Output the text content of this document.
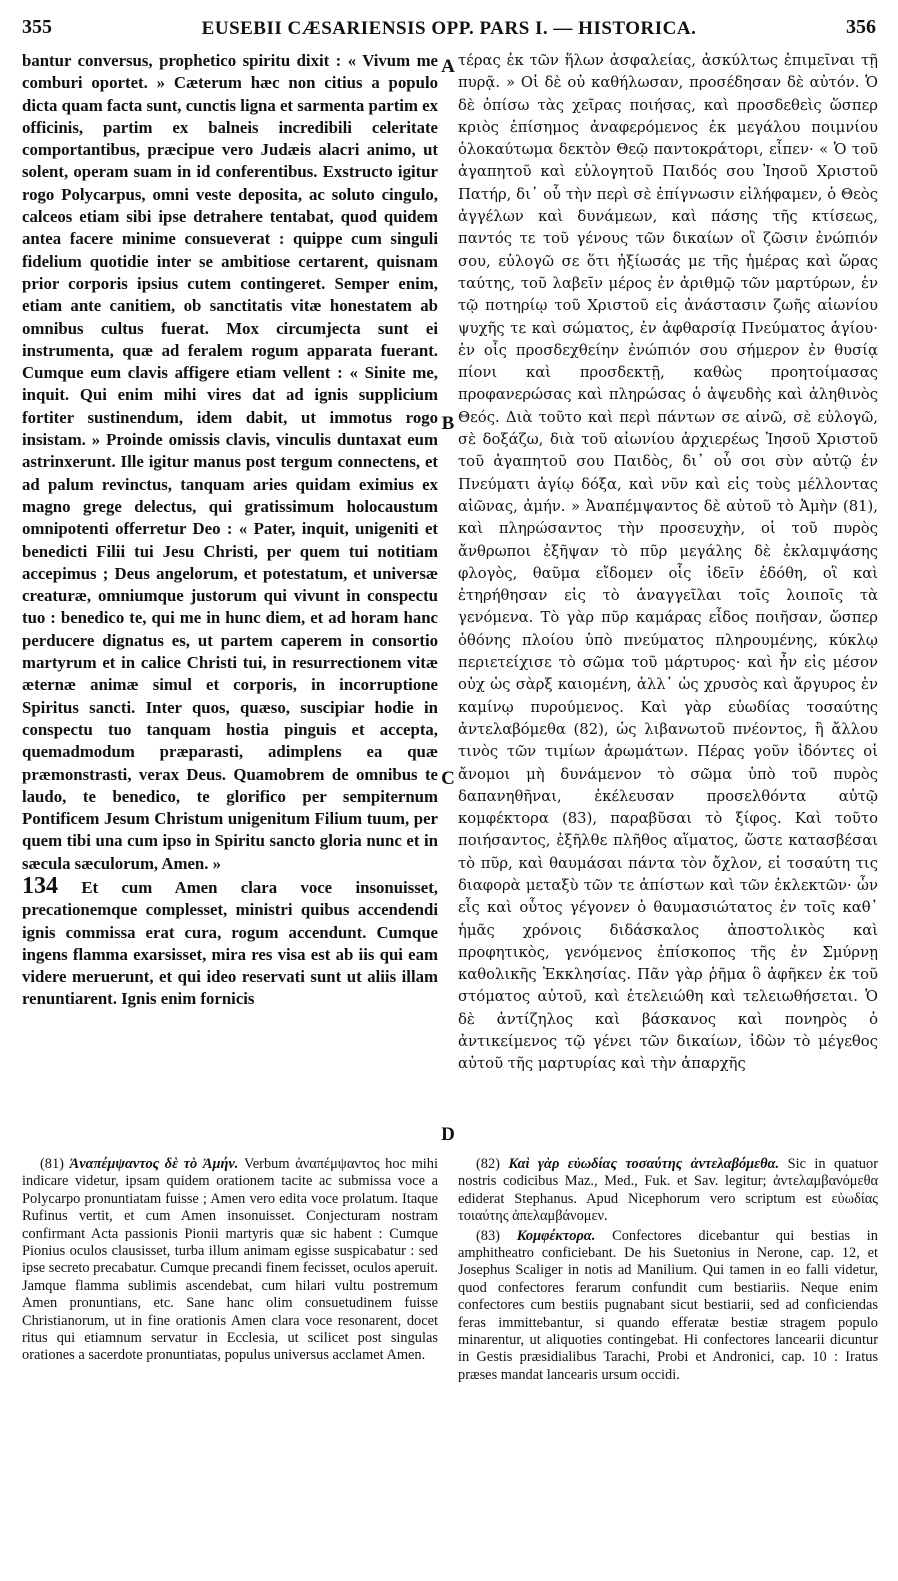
355	EUSEBII CÆSARIENSIS OPP. PARS I. — HISTORICA.	356

bantur conversus, prophetico spiritu dixit : « Vivum me comburi oportet. » Cæterum hæc non citius a populo dicta quam facta sunt, cunctis ligna et sarmenta partim ex officinis, partim ex balneis incredibili celeritate comportantibus, præcipue vero Judæis alacri animo, ut solent, operam suam in id conferentibus. Exstructo igitur rogo Polycarpus, omni veste deposita, ac soluto cingulo, calceos etiam sibi ipse detrahere tentabat, quod quidem antea facere minime consueverat : quippe cum singuli fidelium quotidie inter se ambitiose certarent, quisnam prior corporis ipsius cutem contingeret. Semper enim, etiam ante canitiem, ob sanctitatis vitæ honestatem ab omnibus cultus fuerat. Mox circumjecta sunt ei instrumenta, quæ ad feralem rogum apparata fuerant. Cumque eum clavis affigere etiam vellent : « Sinite me, inquit. Qui enim mihi vires dat ad ignis supplicium fortiter sustinendum, idem dabit, ut immotus rogo insistam. » Proinde omissis clavis, vinculis duntaxat eum astrinxerunt. Ille igitur manus post tergum connectens, et ad palum revinctus, tanquam aries quidam eximius ex magno grege delectus, qui gratissimum holocaustum omnipotenti offerretur Deo : « Pater, inquit, unigeniti et benedicti Filii tui Jesu Christi, per quem tui notitiam accepimus ; Deus angelorum, et potestatum, et universæ creaturæ, omniumque justorum qui vivunt in conspectu tuo : benedico te, qui me in hunc diem, et ad horam hanc perducere dignatus es, ut partem caperem in consortio martyrum et in calice Christi tui, in resurrectionem vitæ æternæ animæ simul et corporis, in incorruptione Spiritus sancti. Inter quos, quæso, suscipiar hodie in conspectu tuo tanquam hostia pinguis et accepta, quemadmodum præparasti, adimplens ea quæ præmonstrasti, verax Deus. Quamobrem de omnibus te laudo, te benedico, te glorifico per sempiternum Pontificem Jesum Christum unigenitum Filium tuum, per quem tibi una cum ipso in Spiritu sancto gloria nunc et in sæcula sæculorum, Amen. »

134 Et cum Amen clara voce insonuisset, precationemque complesset, ministri quibus accendendi ignis commissa erat cura, rogum accendunt. Cumque ingens flamma exarsisset, mira res visa est ab iis qui eam videre meruerunt, et qui ideo reservati sunt ut aliis illam renuntiarent. Ignis enim fornicis

A
B
C
D

τέρας ἐκ τῶν ἥλων ἀσφαλείας, ἀσκύλτως ἐπιμεῖναι τῇ πυρᾷ. » Οἱ δὲ οὐ καθήλωσαν, προσέδησαν δὲ αὐτόν. Ὁ δὲ ὀπίσω τὰς χεῖρας ποιήσας, καὶ προσδεθεὶς ὥσπερ κριὸς ἐπίσημος ἀναφερόμενος ἐκ μεγάλου ποιμνίου ὁλοκαύτωμα δεκτὸν Θεῷ παντοκράτορι, εἶπεν· « Ὁ τοῦ ἀγαπητοῦ καὶ εὐλογητοῦ Παιδός σου Ἰησοῦ Χριστοῦ Πατήρ, δι᾽ οὗ τὴν περὶ σὲ ἐπίγνωσιν εἰλήφαμεν, ὁ Θεὸς ἀγγέλων καὶ δυνάμεων, καὶ πάσης τῆς κτίσεως, παντός τε τοῦ γένους τῶν δικαίων οἳ ζῶσιν ἐνώπιόν σου, εὐλογῶ σε ὅτι ἠξίωσάς με τῆς ἡμέρας καὶ ὥρας ταύτης, τοῦ λαβεῖν μέρος ἐν ἀριθμῷ τῶν μαρτύρων, ἐν τῷ ποτηρίῳ τοῦ Χριστοῦ εἰς ἀνάστασιν ζωῆς αἰωνίου ψυχῆς τε καὶ σώματος, ἐν ἀφθαρσίᾳ Πνεύματος ἁγίου· ἐν οἷς προσδεχθείην ἐνώπιόν σου σήμερον ἐν θυσίᾳ πίονι καὶ προσδεκτῇ, καθὼς προητοίμασας προφανερώσας καὶ πληρώσας ὁ ἀψευδὴς καὶ ἀληθινὸς Θεός. Διὰ τοῦτο καὶ περὶ πάντων σε αἰνῶ, σὲ εὐλογῶ, σὲ δοξάζω, διὰ τοῦ αἰωνίου ἀρχιερέως Ἰησοῦ Χριστοῦ τοῦ ἀγαπητοῦ σου Παιδὸς, δι᾽ οὗ σοι σὺν αὐτῷ ἐν Πνεύματι ἁγίῳ δόξα, καὶ νῦν καὶ εἰς τοὺς μέλλοντας αἰῶνας, ἀμήν. » Ἀναπέμψαντος δὲ αὐτοῦ τὸ Ἀμὴν (81), καὶ πληρώσαντος τὴν προσευχὴν, οἱ τοῦ πυρὸς ἄνθρωποι ἐξῆψαν τὸ πῦρ μεγάλης δὲ ἐκλαμψάσης φλογὸς, θαῦμα εἴδομεν οἷς ἰδεῖν ἐδόθη, οἳ καὶ ἐτηρήθησαν εἰς τὸ ἀναγγεῖλαι τοῖς λοιποῖς τὰ γενόμενα. Τὸ γὰρ πῦρ καμάρας εἶδος ποιῆσαν, ὥσπερ ὀθόνης πλοίου ὑπὸ πνεύματος πληρουμένης, κύκλῳ περιετείχισε τὸ σῶμα τοῦ μάρτυρος· καὶ ἦν εἰς μέσον οὐχ ὡς σὰρξ καιομένη, ἀλλ᾽ ὡς χρυσὸς καὶ ἄργυρος ἐν καμίνῳ πυρούμενος. Καὶ γὰρ εὐωδίας τοσαύτης ἀντελαβόμεθα (82), ὡς λιβανωτοῦ πνέοντος, ἢ ἄλλου τινὸς τῶν τιμίων ἀρωμάτων. Πέρας γοῦν ἰδόντες οἱ ἄνομοι μὴ δυνάμενον τὸ σῶμα ὑπὸ τοῦ πυρὸς δαπανηθῆναι, ἐκέλευσαν προσελθόντα αὐτῷ κομφέκτορα (83), παραβῦσαι τὸ ξίφος. Καὶ τοῦτο ποιήσαντος, ἐξῆλθε πλῆθος αἵματος, ὥστε κατασβέσαι τὸ πῦρ, καὶ θαυμάσαι πάντα τὸν ὄχλον, εἰ τοσαύτη τις διαφορὰ μεταξὺ τῶν τε ἀπίστων καὶ τῶν ἐκλεκτῶν· ὧν εἷς καὶ οὗτος γέγονεν ὁ θαυμασιώτατος ἐν τοῖς καθ᾽ ἡμᾶς χρόνοις διδάσκαλος ἀποστολικὸς καὶ προφητικὸς, γενόμενος ἐπίσκοπος τῆς ἐν Σμύρνῃ καθολικῆς Ἐκκλησίας. Πᾶν γὰρ ῥῆμα ὃ ἀφῆκεν ἐκ τοῦ στόματος αὐτοῦ, καὶ ἐτελειώθη καὶ τελειωθήσεται. Ὁ δὲ ἀντίζηλος καὶ βάσκανος καὶ πονηρὸς ὁ ἀντικείμενος τῷ γένει τῶν δικαίων, ἰδὼν τὸ μέγεθος αὐτοῦ τῆς μαρτυρίας καὶ τὴν ἀπαρχῆς

(81) Ἀναπέμψαντος δὲ τὸ Ἀμήν. Verbum ἀναπέμψαντος hoc mihi indicare videtur, ipsam quidem orationem tacite ac submissa voce a Polycarpo pronuntiatam fuisse ; Amen vero edita voce prolatum. Itaque Rufinus vertit, et cum Amen insonuisset. Conjecturam nostram confirmant Acta passionis Pionii martyris quæ sic habent : Cumque Pionius oculos clausisset, turba illum animam egisse suspicabatur : sed ipse secreto precabatur. Cumque precandi finem fecisset, oculos aperuit. Jamque flamma sublimis ascendebat, cum hilari vultu postremum Amen pronuntians, etc. Sane hanc olim consuetudinem fuisse Christianorum, ut in fine orationis Amen clara voce resonarent, docet ritus qui etiamnum servatur in Ecclesia, ut scilicet post singulas orationes a sacerdote pronuntiatas, populus universus acclamet Amen.

(82) Καὶ γὰρ εὐωδίας τοσαύτης ἀντελαβόμεθα. Sic in quatuor nostris codicibus Maz., Med., Fuk. et Sav. legitur; ἀντελαμβανόμεθα ediderat Stephanus. Apud Nicephorum vero scriptum est εὐωδίας τοιαύτης ἀπελαμβάνομεν.

(83) Κομφέκτορα. Confectores dicebantur qui bestias in amphitheatro conficiebant. De his Suetonius in Nerone, cap. 12, et Josephus Scaliger in notis ad Manilium. Qui tamen in eo falli videtur, quod confectores ferarum confundit cum bestiariis. Neque enim confectores cum bestiis pugnabant sicut bestiarii, sed ad conficiendas feras immittebantur, si quando efferatæ bestiæ stragem populo minarentur, ut aliquoties contingebat. Hi confectores lancearii dicuntur in Gestis præsidialibus Tarachi, Probi et Andronici, cap. 10 : Iratus præses mandat lancearis ursum occidi.
